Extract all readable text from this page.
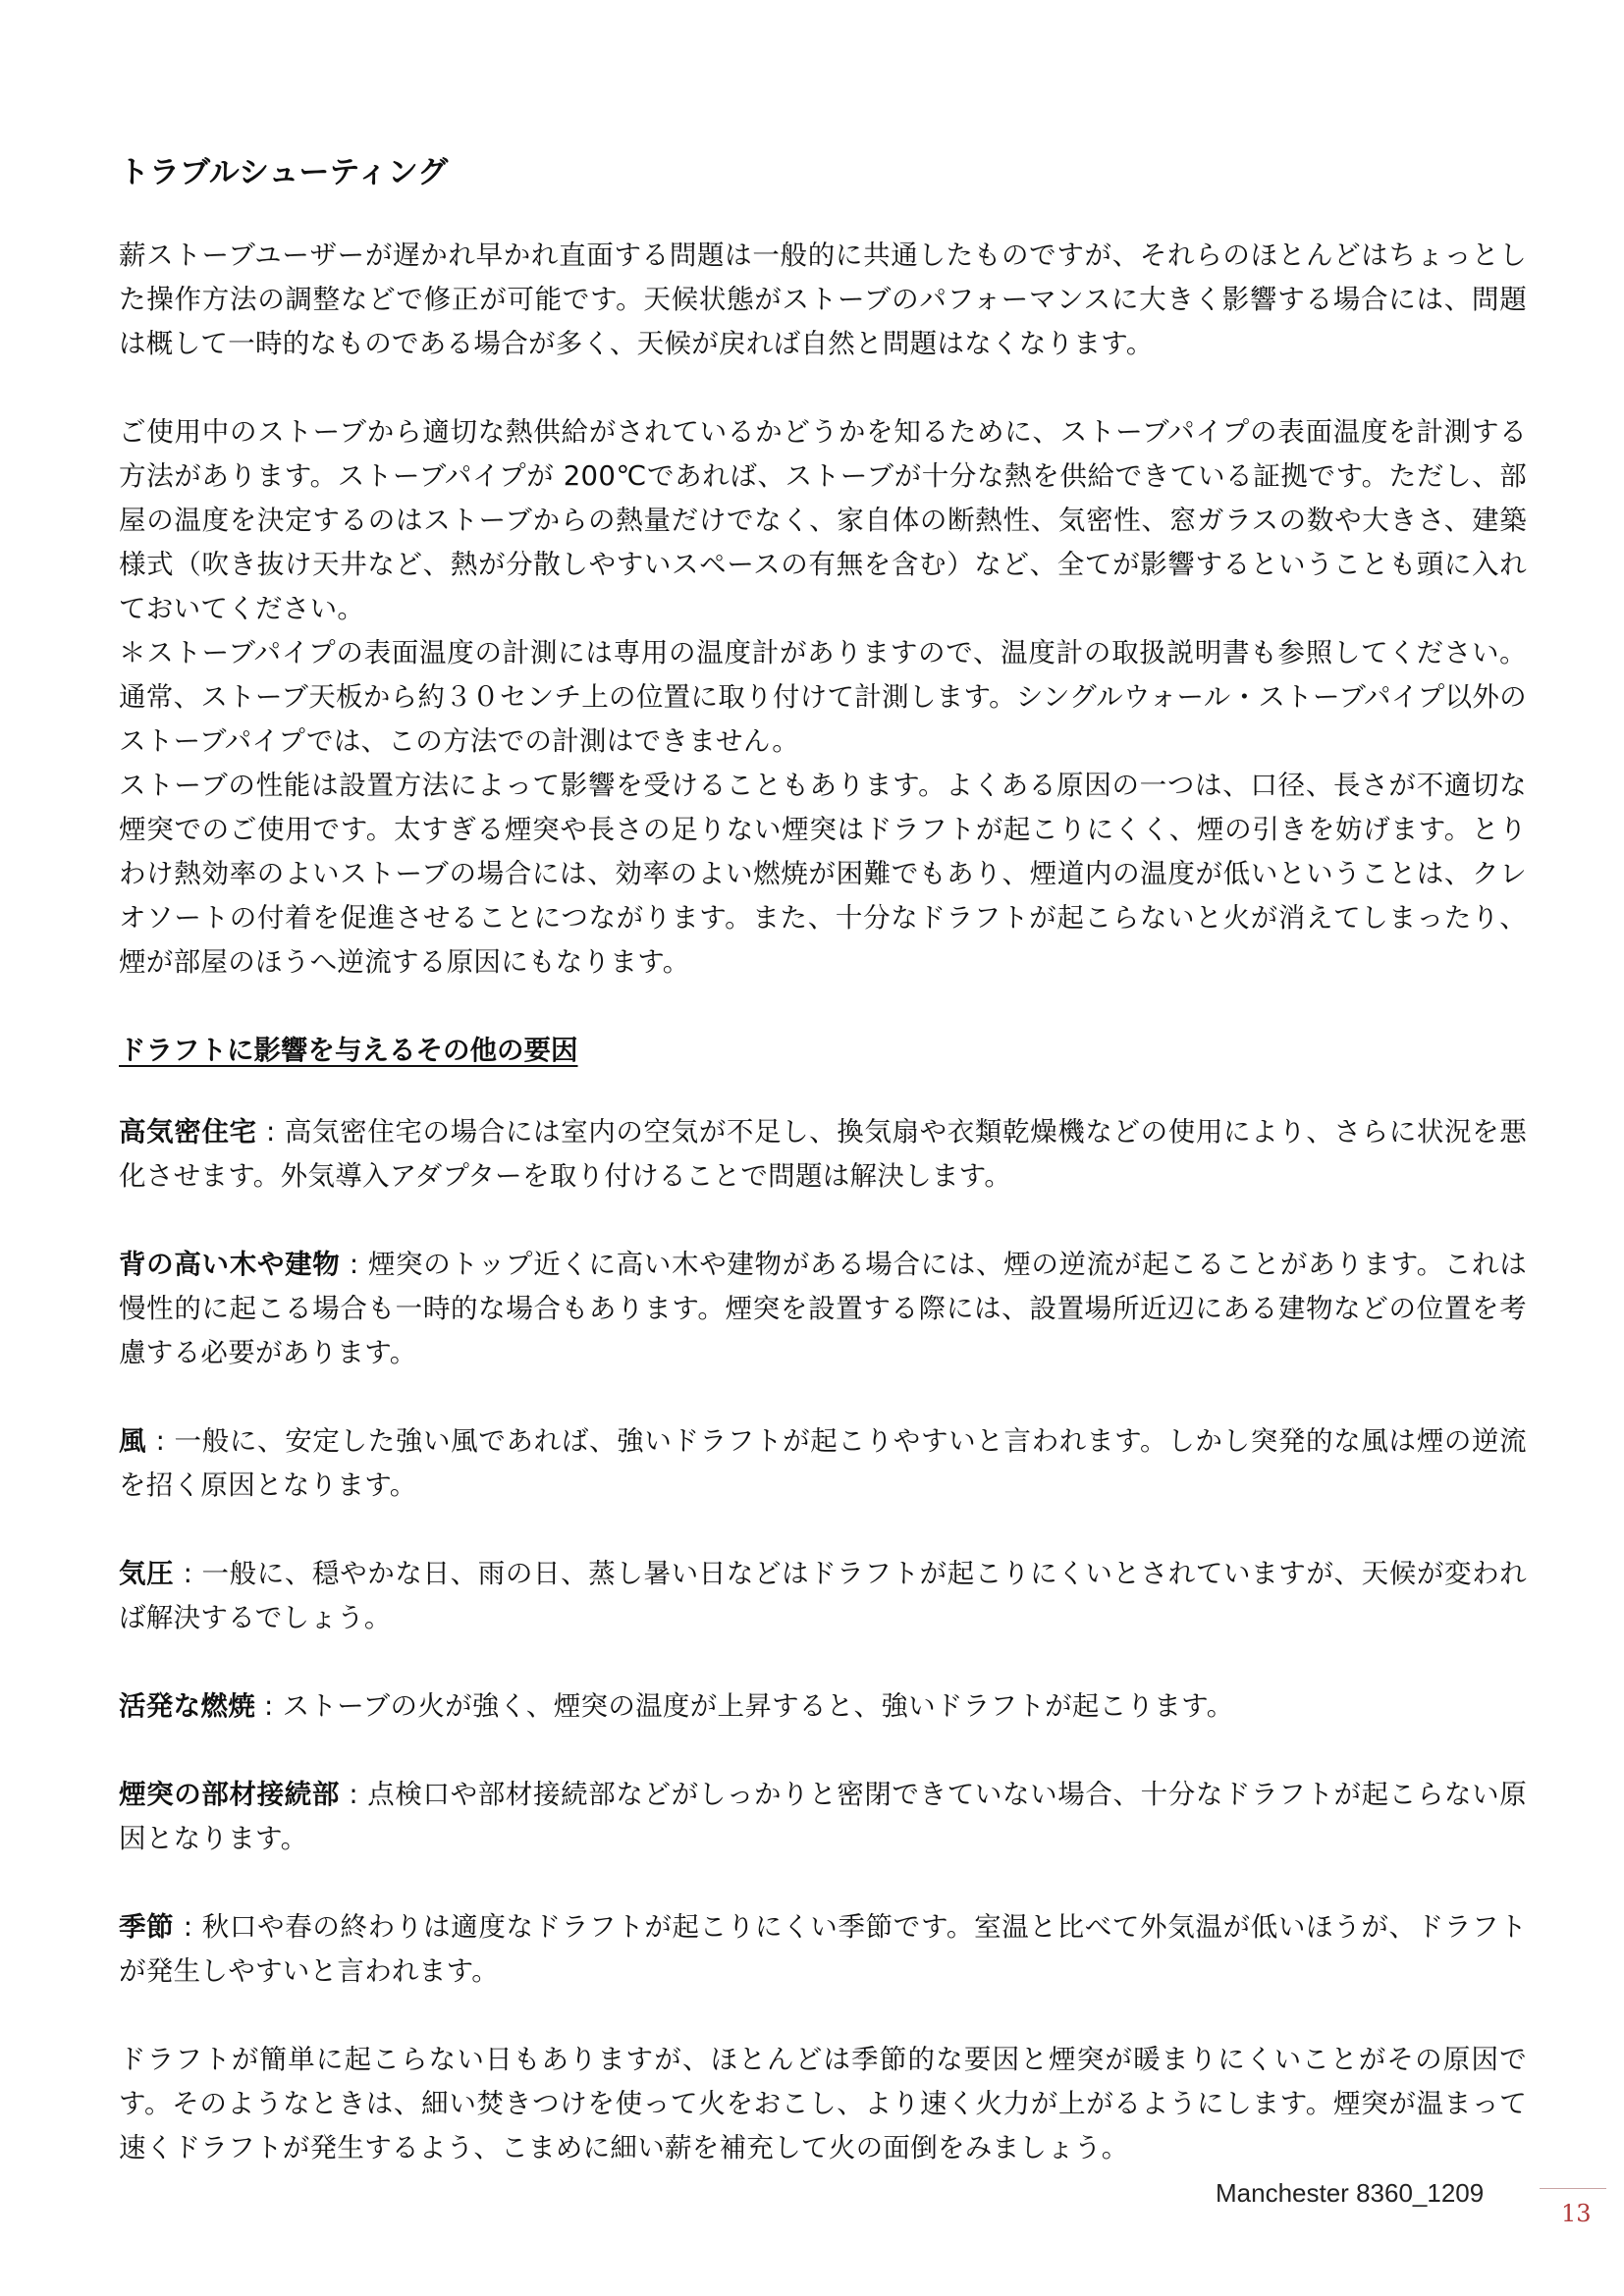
トラブルシューティング

薪ストーブユーザーが遅かれ早かれ直面する問題は一般的に共通したものですが、それらのほとんどはちょっとした操作方法の調整などで修正が可能です。天候状態がストーブのパフォーマンスに大きく影響する場合には、問題は概して一時的なものである場合が多く、天候が戻れば自然と問題はなくなります。

ご使用中のストーブから適切な熱供給がされているかどうかを知るために、ストーブパイプの表面温度を計測する方法があります。ストーブパイプが 200℃であれば、ストーブが十分な熱を供給できている証拠です。ただし、部屋の温度を決定するのはストーブからの熱量だけでなく、家自体の断熱性、気密性、窓ガラスの数や大きさ、建築様式（吹き抜け天井など、熱が分散しやすいスペースの有無を含む）など、全てが影響するということも頭に入れておいてください。

＊ストーブパイプの表面温度の計測には専用の温度計がありますので、温度計の取扱説明書も参照してください。通常、ストーブ天板から約３０センチ上の位置に取り付けて計測します。シングルウォール・ストーブパイプ以外のストーブパイプでは、この方法での計測はできません。

ストーブの性能は設置方法によって影響を受けることもあります。よくある原因の一つは、口径、長さが不適切な煙突でのご使用です。太すぎる煙突や長さの足りない煙突はドラフトが起こりにくく、煙の引きを妨げます。とりわけ熱効率のよいストーブの場合には、効率のよい燃焼が困難でもあり、煙道内の温度が低いということは、クレオソートの付着を促進させることにつながります。また、十分なドラフトが起こらないと火が消えてしまったり、煙が部屋のほうへ逆流する原因にもなります。

ドラフトに影響を与えるその他の要因

高気密住宅 : 高気密住宅の場合には室内の空気が不足し、換気扇や衣類乾燥機などの使用により、さらに状況を悪化させます。外気導入アダプターを取り付けることで問題は解決します。

背の高い木や建物 : 煙突のトップ近くに高い木や建物がある場合には、煙の逆流が起こることがあります。これは慢性的に起こる場合も一時的な場合もあります。煙突を設置する際には、設置場所近辺にある建物などの位置を考慮する必要があります。

風 : 一般に、安定した強い風であれば、強いドラフトが起こりやすいと言われます。しかし突発的な風は煙の逆流を招く原因となります。

気圧 : 一般に、穏やかな日、雨の日、蒸し暑い日などはドラフトが起こりにくいとされていますが、天候が変われば解決するでしょう。

活発な燃焼 : ストーブの火が強く、煙突の温度が上昇すると、強いドラフトが起こります。

煙突の部材接続部 : 点検口や部材接続部などがしっかりと密閉できていない場合、十分なドラフトが起こらない原因となります。

季節 : 秋口や春の終わりは適度なドラフトが起こりにくい季節です。室温と比べて外気温が低いほうが、ドラフトが発生しやすいと言われます。

ドラフトが簡単に起こらない日もありますが、ほとんどは季節的な要因と煙突が暖まりにくいことがその原因です。そのようなときは、細い焚きつけを使って火をおこし、より速く火力が上がるようにします。煙突が温まって速くドラフトが発生するよう、こまめに細い薪を補充して火の面倒をみましょう。

Manchester 8360_1209
13
